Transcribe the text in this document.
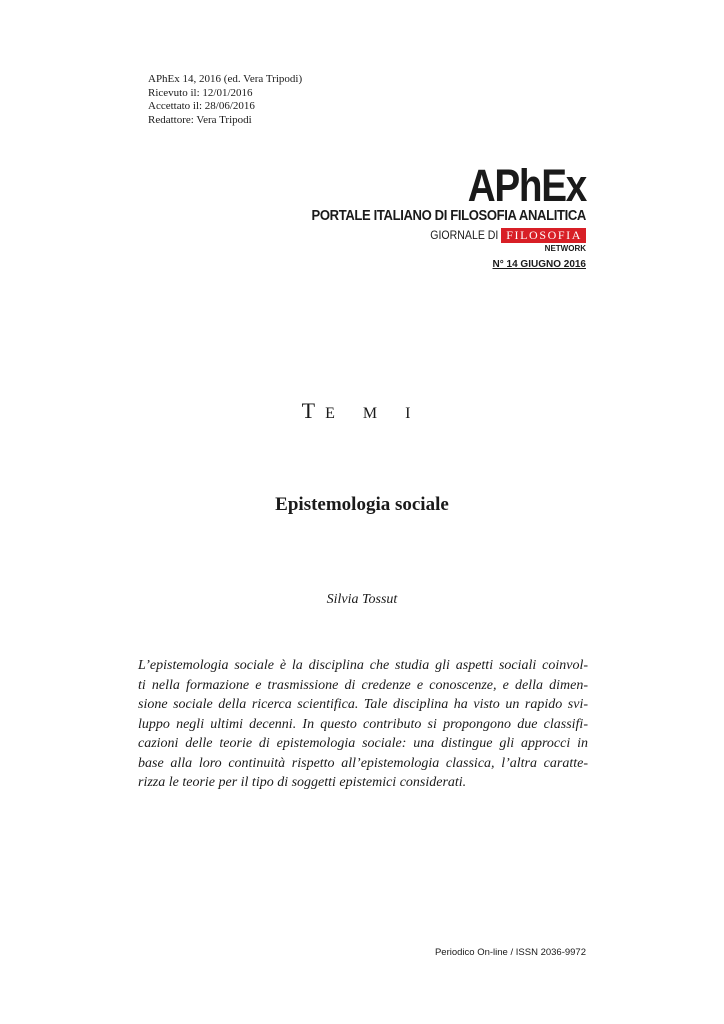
APhEx 14, 2016 (ed. Vera Tripodi)
Ricevuto il: 12/01/2016
Accettato il: 28/06/2016
Redattore: Vera Tripodi
APhEx
PORTALE ITALIANO DI FILOSOFIA ANALITICA
GIORNALE DI FILOSOFIA
NETWORK
N° 14 GIUGNO 2016
T E M I
Epistemologia sociale
Silvia Tossut
L’epistemologia sociale è la disciplina che studia gli aspetti sociali coinvol-
ti nella formazione e trasmissione di credenze e conoscenze, e della dimen-
sione sociale della ricerca scientifica. Tale disciplina ha visto un rapido svi-
luppo negli ultimi decenni. In questo contributo si propongono due classifi-
cazioni delle teorie di epistemologia sociale: una distingue gli approcci in
base alla loro continuità rispetto all’epistemologia classica, l’altra caratte-
rizza le teorie per il tipo di soggetti epistemici considerati.
Periodico On-line / ISSN 2036-9972
